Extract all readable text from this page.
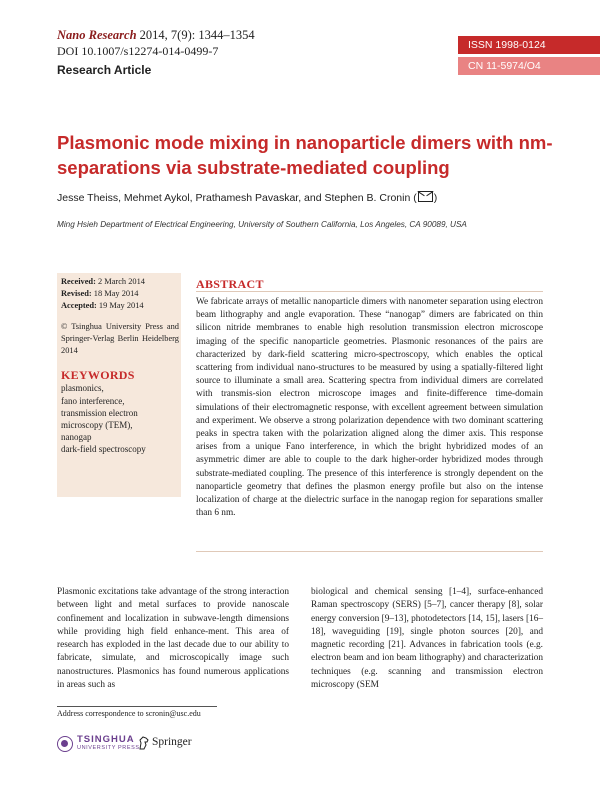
Nano Research 2014, 7(9): 1344–1354
DOI 10.1007/s12274-014-0499-7
Research Article
ISSN 1998-0124
CN 11-5974/O4
Plasmonic mode mixing in nanoparticle dimers with nm-separations via substrate-mediated coupling
Jesse Theiss, Mehmet Aykol, Prathamesh Pavaskar, and Stephen B. Cronin ( )
Ming Hsieh Department of Electrical Engineering, University of Southern California, Los Angeles, CA 90089, USA
Received: 2 March 2014
Revised: 18 May 2014
Accepted: 19 May 2014
© Tsinghua University Press and Springer-Verlag Berlin Heidelberg 2014
KEYWORDS
plasmonics,
fano interference,
transmission electron
microscopy (TEM),
nanogap
dark-field spectroscopy
ABSTRACT
We fabricate arrays of metallic nanoparticle dimers with nanometer separation using electron beam lithography and angle evaporation. These “nanogap” dimers are fabricated on thin silicon nitride membranes to enable high resolution transmission electron microscope imaging of the specific nanoparticle geometries. Plasmonic resonances of the pairs are characterized by dark-field scattering micro-spectroscopy, which enables the optical scattering from individual nano-structures to be measured by using a spatially-filtered light source to illuminate a small area. Scattering spectra from individual dimers are correlated with transmis-sion electron microscope images and finite-difference time-domain simulations of their electromagnetic response, with excellent agreement between simulation and experiment. We observe a strong polarization dependence with two dominant scattering peaks in spectra taken with the polarization aligned along the dimer axis. This response arises from a unique Fano interference, in which the bright hybridized modes of an asymmetric dimer are able to couple to the dark higher-order hybridized modes through substrate-mediated coupling. The presence of this interference is strongly dependent on the nanoparticle geometry that defines the plasmon energy profile but also on the intense localization of charge at the dielectric surface in the nanogap region for separations smaller than 6 nm.
Plasmonic excitations take advantage of the strong interaction between light and metal surfaces to provide nanoscale confinement and localization in subwave-length dimensions while providing high field enhance-ment. This area of research has exploded in the last decade due to our ability to fabricate, simulate, and microscopically image such nanostructures. Plasmonics has found numerous applications in areas such as
biological and chemical sensing [1–4], surface-enhanced Raman spectroscopy (SERS) [5–7], cancer therapy [8], solar energy conversion [9–13], photodetectors [14, 15], lasers [16–18], waveguiding [19], single photon sources [20], and magnetic recording [21]. Advances in fabrication tools (e.g. electron beam and ion beam lithography) and characterization techniques (e.g. scanning and transmission electron microscopy (SEM
Address correspondence to scronin@usc.edu
TSINGHUA
UNIVERSITY PRESS Springer
